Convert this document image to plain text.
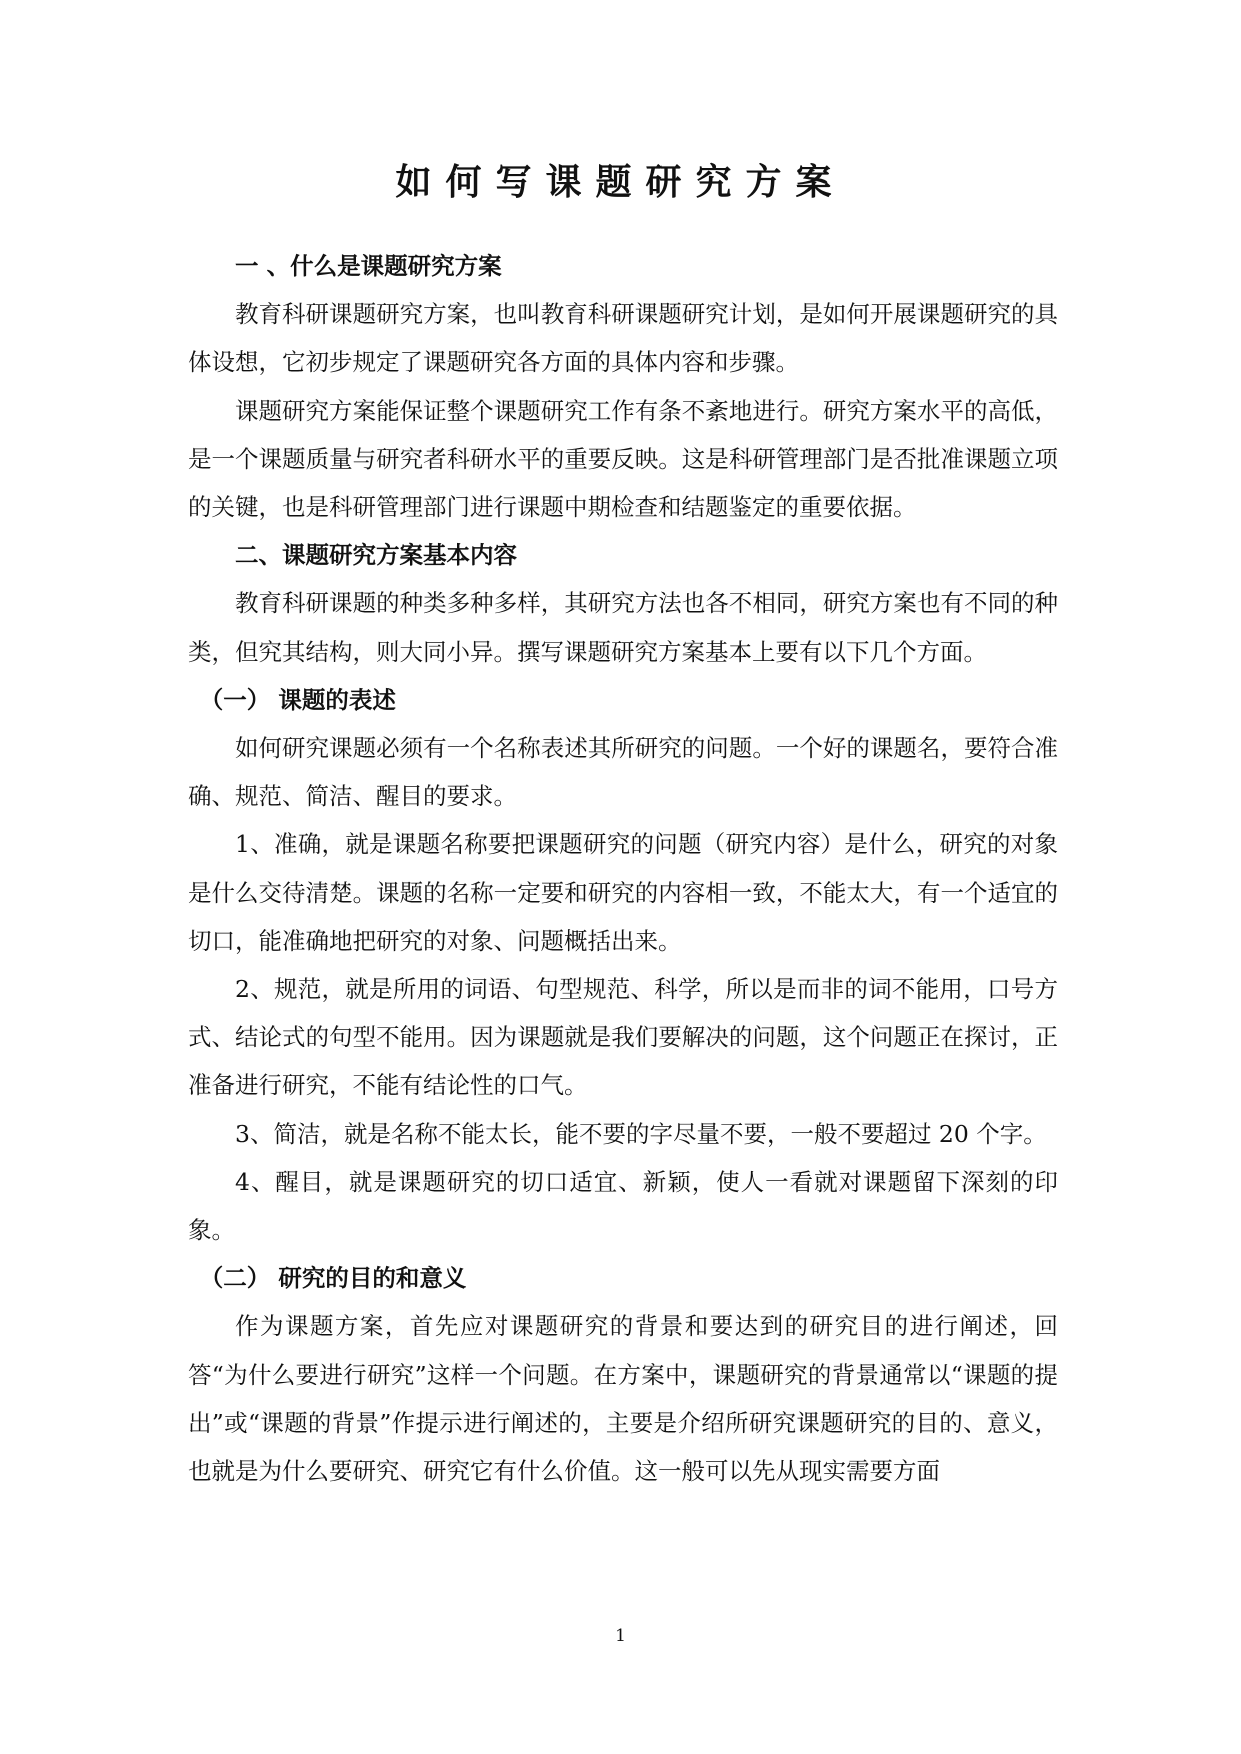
如何写课题研究方案

一 、什么是课题研究方案

教育科研课题研究方案，也叫教育科研课题研究计划，是如何开展课题研究的具体设想，它初步规定了课题研究各方面的具体内容和步骤。

课题研究方案能保证整个课题研究工作有条不紊地进行。研究方案水平的高低，是一个课题质量与研究者科研水平的重要反映。这是科研管理部门是否批准课题立项的关键，也是科研管理部门进行课题中期检查和结题鉴定的重要依据。

二、课题研究方案基本内容

教育科研课题的种类多种多样，其研究方法也各不相同，研究方案也有不同的种类，但究其结构，则大同小异。撰写课题研究方案基本上要有以下几个方面。

（一） 课题的表述

如何研究课题必须有一个名称表述其所研究的问题。一个好的课题名，要符合准确、规范、简洁、醒目的要求。

1、准确，就是课题名称要把课题研究的问题（研究内容）是什么，研究的对象是什么交待清楚。课题的名称一定要和研究的内容相一致，不能太大，有一个适宜的切口，能准确地把研究的对象、问题概括出来。

2、规范，就是所用的词语、句型规范、科学，所以是而非的词不能用，口号方式、结论式的句型不能用。因为课题就是我们要解决的问题，这个问题正在探讨，正准备进行研究，不能有结论性的口气。

3、简洁，就是名称不能太长，能不要的字尽量不要，一般不要超过 20 个字。

4、醒目，就是课题研究的切口适宜、新颖，使人一看就对课题留下深刻的印象。

（二） 研究的目的和意义

作为课题方案，首先应对课题研究的背景和要达到的研究目的进行阐述，回答“为什么要进行研究”这样一个问题。在方案中，课题研究的背景通常以“课题的提出”或“课题的背景”作提示进行阐述的，主要是介绍所研究课题研究的目的、意义，也就是为什么要研究、研究它有什么价值。这一般可以先从现实需要方面

1
